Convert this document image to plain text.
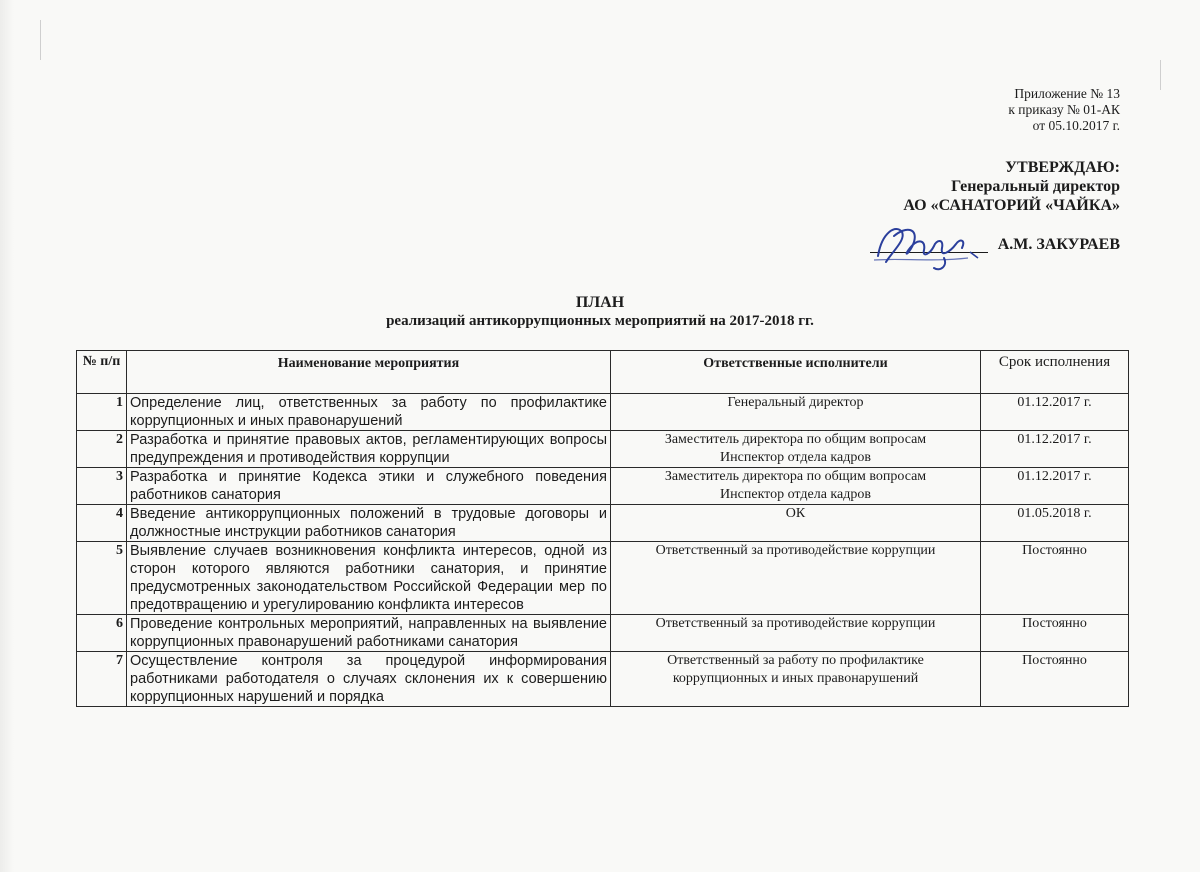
Приложение № 13
к приказу № 01-АК
от 05.10.2017 г.
УТВЕРЖДАЮ:
Генеральный директор
АО «САНАТОРИЙ «ЧАЙКА»
А.М. ЗАКУРАЕВ
ПЛАН
реализаций антикоррупционных мероприятий на 2017-2018 гг.
№ п/п	Наименование мероприятия	Ответственные исполнители	Срок исполнения
1	Определение лиц, ответственных за работу по профилактике коррупционных и иных правонарушений	Генеральный директор	01.12.2017 г.
2	Разработка и принятие правовых актов, регламентирующих вопросы предупреждения и противодействия коррупции	Заместитель директора по общим вопросам
Инспектор отдела кадров	01.12.2017 г.
3	Разработка и принятие Кодекса этики и служебного поведения работников санатория	Заместитель директора по общим вопросам
Инспектор отдела кадров	01.12.2017 г.
4	Введение антикоррупционных положений в трудовые договоры и должностные инструкции работников санатория	ОК	01.05.2018 г.
5	Выявление случаев возникновения конфликта интересов, одной из сторон которого являются работники санатория, и принятие предусмотренных законодательством Российской Федерации мер по предотвращению и урегулированию конфликта интересов	Ответственный за противодействие коррупции	Постоянно
6	Проведение контрольных мероприятий, направленных на выявление коррупционных правонарушений работниками санатория	Ответственный за противодействие коррупции	Постоянно
7	Осуществление контроля за процедурой информирования работниками работодателя о случаях склонения их к совершению коррупционных нарушений и порядка	Ответственный за работу по профилактике
коррупционных и иных правонарушений	Постоянно
